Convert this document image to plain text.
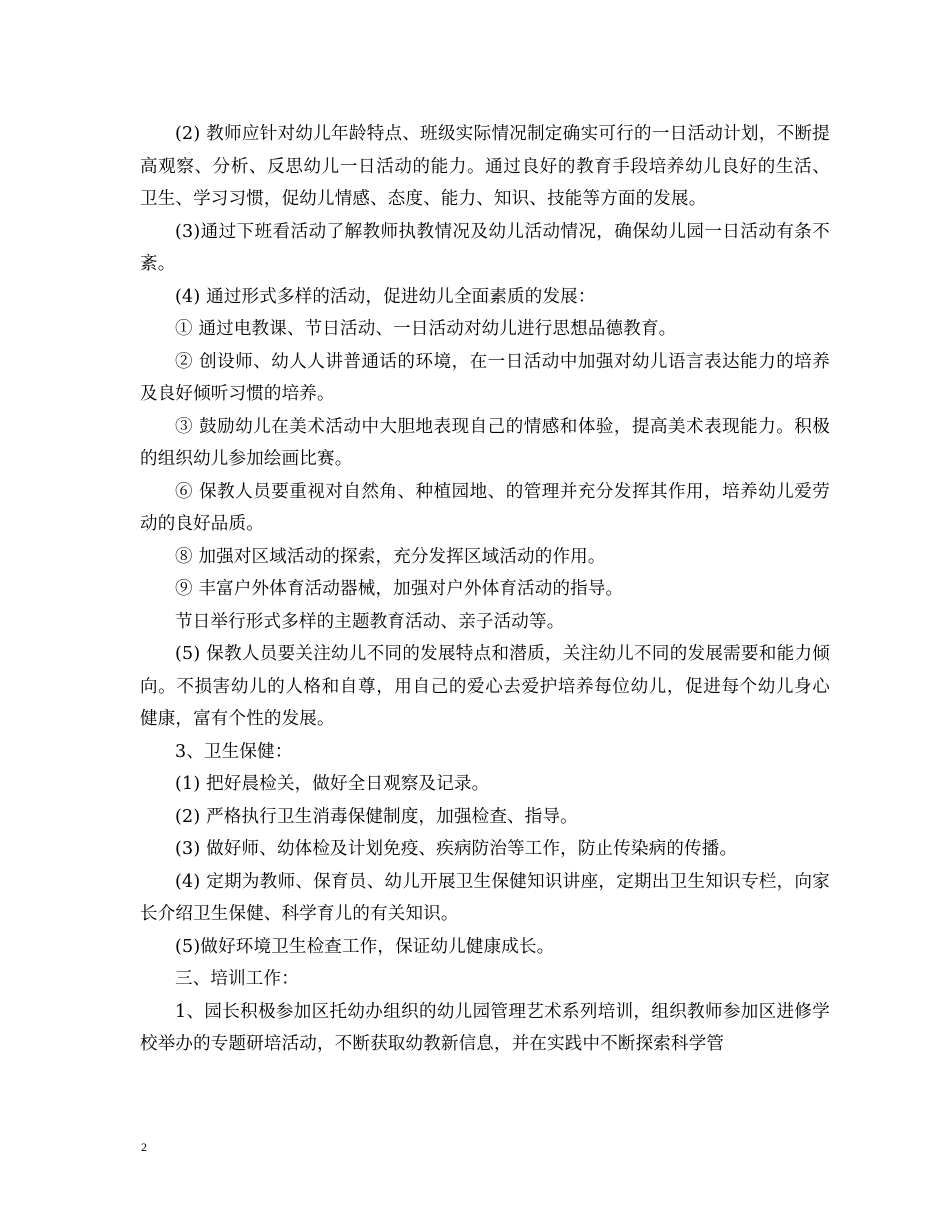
(2) 教师应针对幼儿年龄特点、班级实际情况制定确实可行的一日活动计划，不断提高观察、分析、反思幼儿一日活动的能力。通过良好的教育手段培养幼儿良好的生活、卫生、学习习惯，促幼儿情感、态度、能力、知识、技能等方面的发展。

(3)通过下班看活动了解教师执教情况及幼儿活动情况，确保幼儿园一日活动有条不紊。

(4) 通过形式多样的活动，促进幼儿全面素质的发展：

① 通过电教课、节日活动、一日活动对幼儿进行思想品德教育。

② 创设师、幼人人讲普通话的环境，在一日活动中加强对幼儿语言表达能力的培养及良好倾听习惯的培养。

③ 鼓励幼儿在美术活动中大胆地表现自己的情感和体验，提高美术表现能力。积极的组织幼儿参加绘画比赛。

⑥ 保教人员要重视对自然角、种植园地、的管理并充分发挥其作用，培养幼儿爱劳动的良好品质。

⑧ 加强对区域活动的探索，充分发挥区域活动的作用。

⑨ 丰富户外体育活动器械，加强对户外体育活动的指导。

节日举行形式多样的主题教育活动、亲子活动等。

(5) 保教人员要关注幼儿不同的发展特点和潜质，关注幼儿不同的发展需要和能力倾向。不损害幼儿的人格和自尊，用自己的爱心去爱护培养每位幼儿，促进每个幼儿身心健康，富有个性的发展。

3、卫生保健：

(1) 把好晨检关，做好全日观察及记录。

(2) 严格执行卫生消毒保健制度，加强检查、指导。

(3) 做好师、幼体检及计划免疫、疾病防治等工作，防止传染病的传播。

(4) 定期为教师、保育员、幼儿开展卫生保健知识讲座，定期出卫生知识专栏，向家长介绍卫生保健、科学育儿的有关知识。

(5)做好环境卫生检查工作，保证幼儿健康成长。

三、培训工作：

1、园长积极参加区托幼办组织的幼儿园管理艺术系列培训，组织教师参加区进修学校举办的专题研培活动，不断获取幼教新信息，并在实践中不断探索科学管

2
